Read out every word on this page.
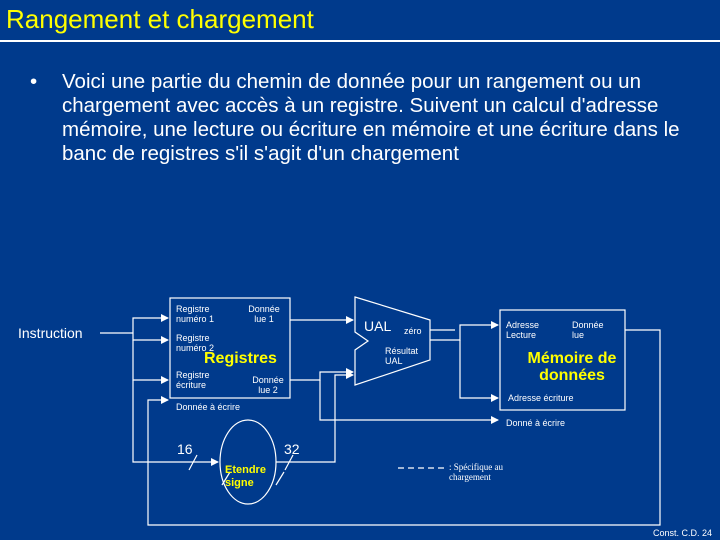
Rangement et chargement
• Voici une partie du chemin de donnée pour un rangement ou un chargement avec accès à un registre. Suivent un calcul d'adresse mémoire, une lecture ou écriture en mémoire et une écriture dans le banc de registres s'il s'agit d'un chargement
Instruction
Registre numéro 1
Registre numéro 2
Registre écriture
Donnée à écrire
Donnée lue 1
Donnée lue 2
Registres
UAL zéro
Résultat UAL
Adresse Lecture
Donnée lue
Mémoire de données
Adresse écriture
Donné à écrire
16	32
Etendre signe
: Spécifique au chargement
Const. C.D. 24
